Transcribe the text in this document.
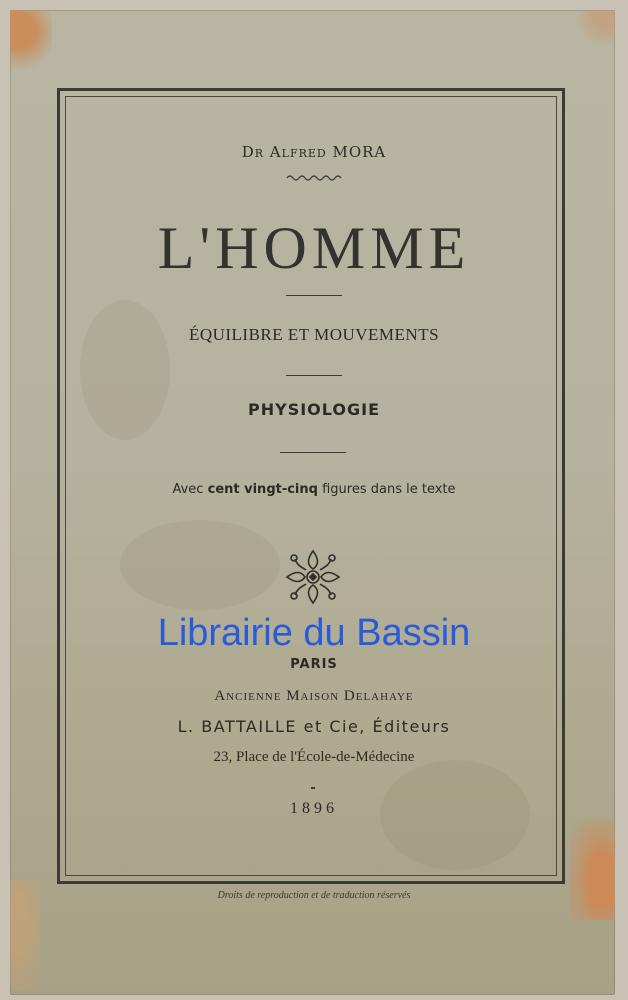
Dr Alfred MORA
L'HOMME
ÉQUILIBRE ET MOUVEMENTS
PHYSIOLOGIE
Avec cent vingt-cinq figures dans le texte
Librairie du Bassin
PARIS
Ancienne Maison Delahaye
L. BATTAILLE et Cie, Éditeurs
23, Place de l'École-de-Médecine
1896
Droits de reproduction et de traduction réservés
